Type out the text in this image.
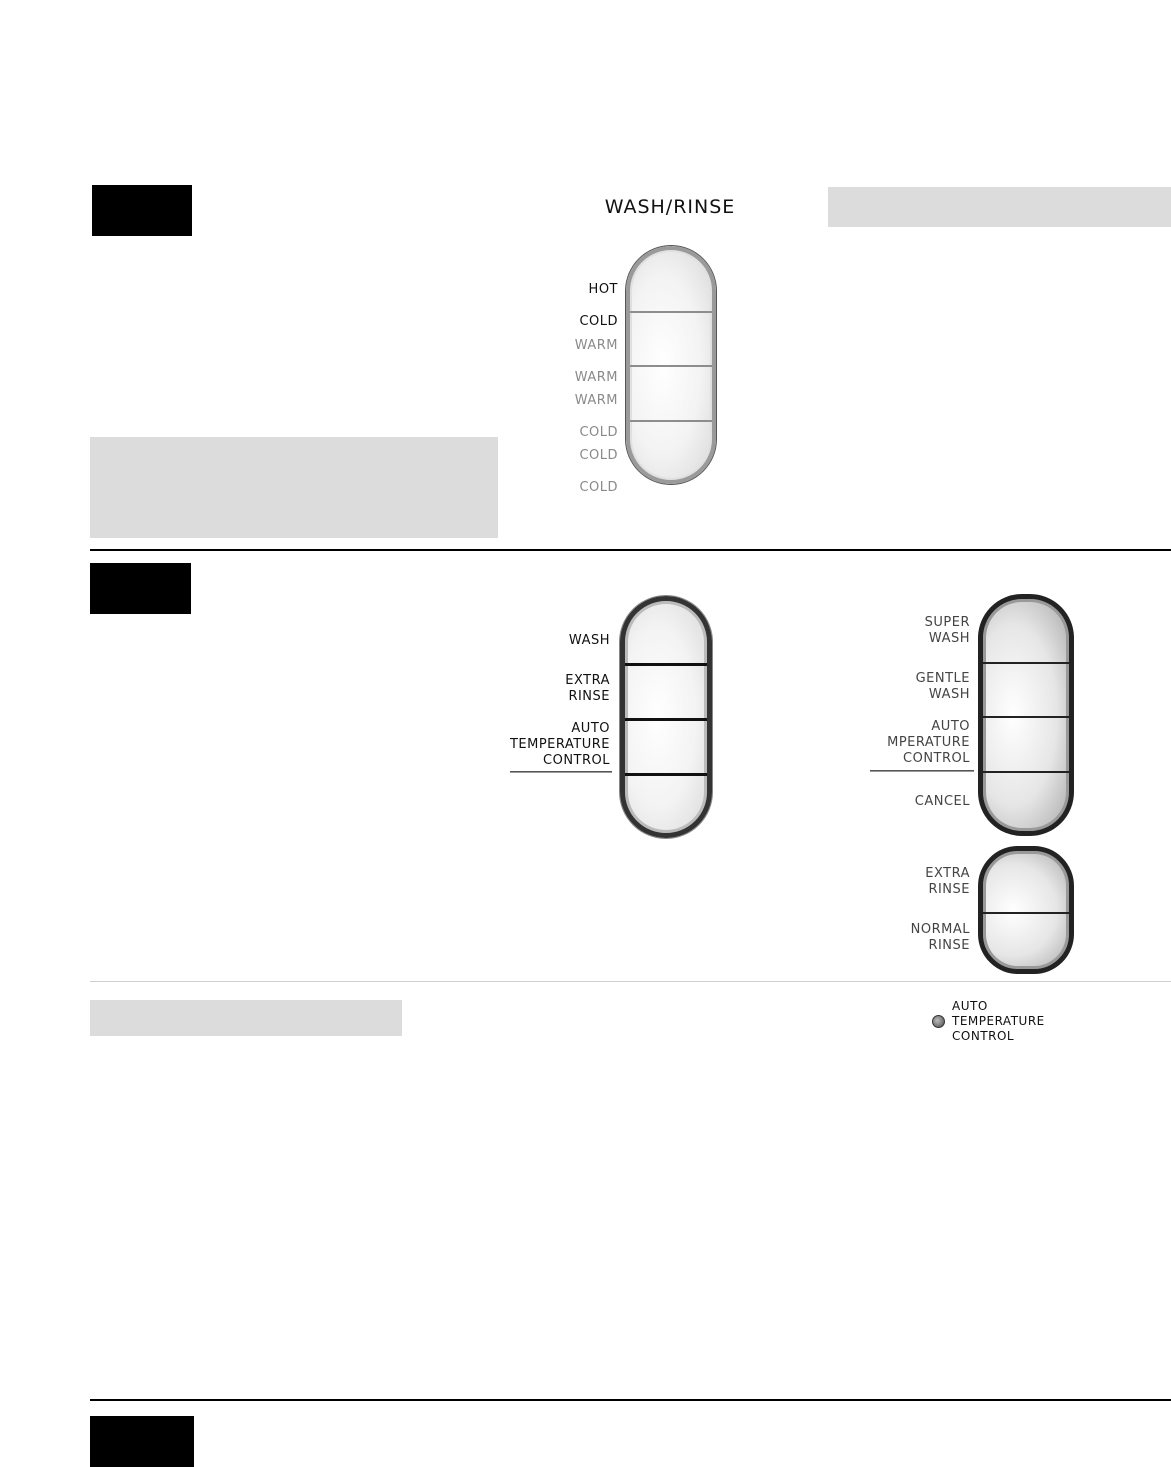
WASH/RINSE

HOT

COLD

WARM

WARM

WARM

COLD

COLD

COLD

WASH
EXTRA
RINSE
AUTO
TEMPERATURE
CONTROL
SUPER
WASH
GENTLE
WASH
AUTO
MPERATURE
CONTROL
CANCEL
EXTRA
RINSE
NORMAL
RINSE
AUTO
TEMPERATURE
CONTROL
